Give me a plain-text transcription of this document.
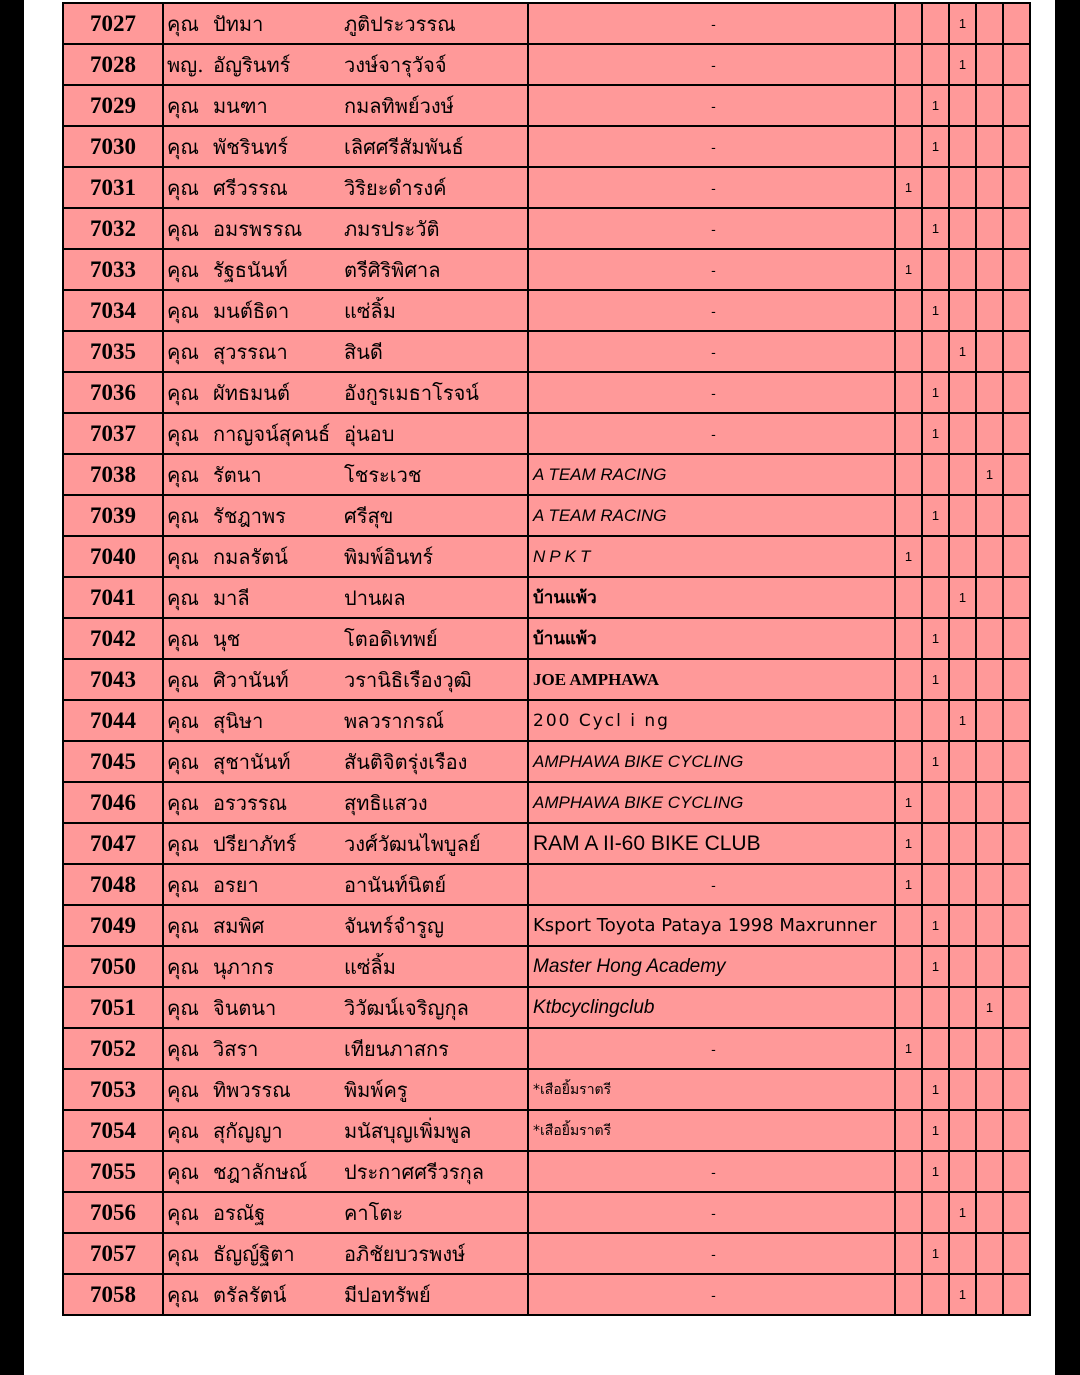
7027	คุณ ปัทมา ภูติประวรรณ	-			1		
7028	พญ. อัญรินทร์ วงษ์จารุวัจจ์	-			1		
7029	คุณ มนฑา กมลทิพย์วงษ์	-		1			
7030	คุณ พัชรินทร์ เลิศศรีสัมพันธ์	-		1			
7031	คุณ ศรีวรรณ วิริยะดำรงค์	-	1				
7032	คุณ อมรพรรณ ภมรประวัติ	-		1			
7033	คุณ รัฐธนันท์ ตรีศิริพิศาล	-	1				
7034	คุณ มนต์ธิดา แซ่ลิ้ม	-		1			
7035	คุณ สุวรรณา สินดี	-			1		
7036	คุณ ผัทธมนต์ อังกูรเมธาโรจน์	-		1			
7037	คุณ กาญจน์สุคนธ์ อุ่นอบ	-		1			
7038	คุณ รัตนา โชระเวช	A TEAM RACING				1	
7039	คุณ รัชฎาพร ศรีสุข	A TEAM RACING		1			
7040	คุณ กมลรัตน์ พิมพ์อินทร์	NPKT	1				
7041	คุณ มาลี ปานผล	บ้านแพ้ว			1		
7042	คุณ นุช โตอดิเทพย์	บ้านแพ้ว		1			
7043	คุณ ศิวานันท์ วรานิธิเรืองวุฒิ	JOE AMPHAWA		1			
7044	คุณ สุนิษา พลวรากรณ์	200 Cycl i ng			1		
7045	คุณ สุชานันท์ สันติจิตรุ่งเรือง	AMPHAWA BIKE CYCLING		1			
7046	คุณ อรวรรณ สุทธิแสวง	AMPHAWA BIKE CYCLING	1				
7047	คุณ ปรียาภัทร์ วงศ์วัฒนไพบูลย์	RAM A II-60 BIKE CLUB	1				
7048	คุณ อรยา อานันท์นิตย์	-	1				
7049	คุณ สมพิศ จันทร์จำรูญ	Ksport Toyota Pataya 1998 Maxrunner		1			
7050	คุณ นุภากร แซ่ลิ้ม	Master Hong Academy		1			
7051	คุณ จินตนา วิวัฒน์เจริญกุล	Ktbcyclingclub				1	
7052	คุณ วิสรา เทียนภาสกร	-	1				
7053	คุณ ทิพวรรณ พิมพ์ครู	*เสือยิ้มราตรี		1			
7054	คุณ สุกัญญา มนัสบุญเพิ่มพูล	*เสือยิ้มราตรี		1			
7055	คุณ ชฎาลักษณ์ ประกาศศรีวรกุล	-		1			
7056	คุณ อรณัฐ คาโตะ	-			1		
7057	คุณ ธัญญ์ฐิตา อภิชัยบวรพงษ์	-		1			
7058	คุณ ตรัลรัตน์ มีปอทรัพย์	-			1		
